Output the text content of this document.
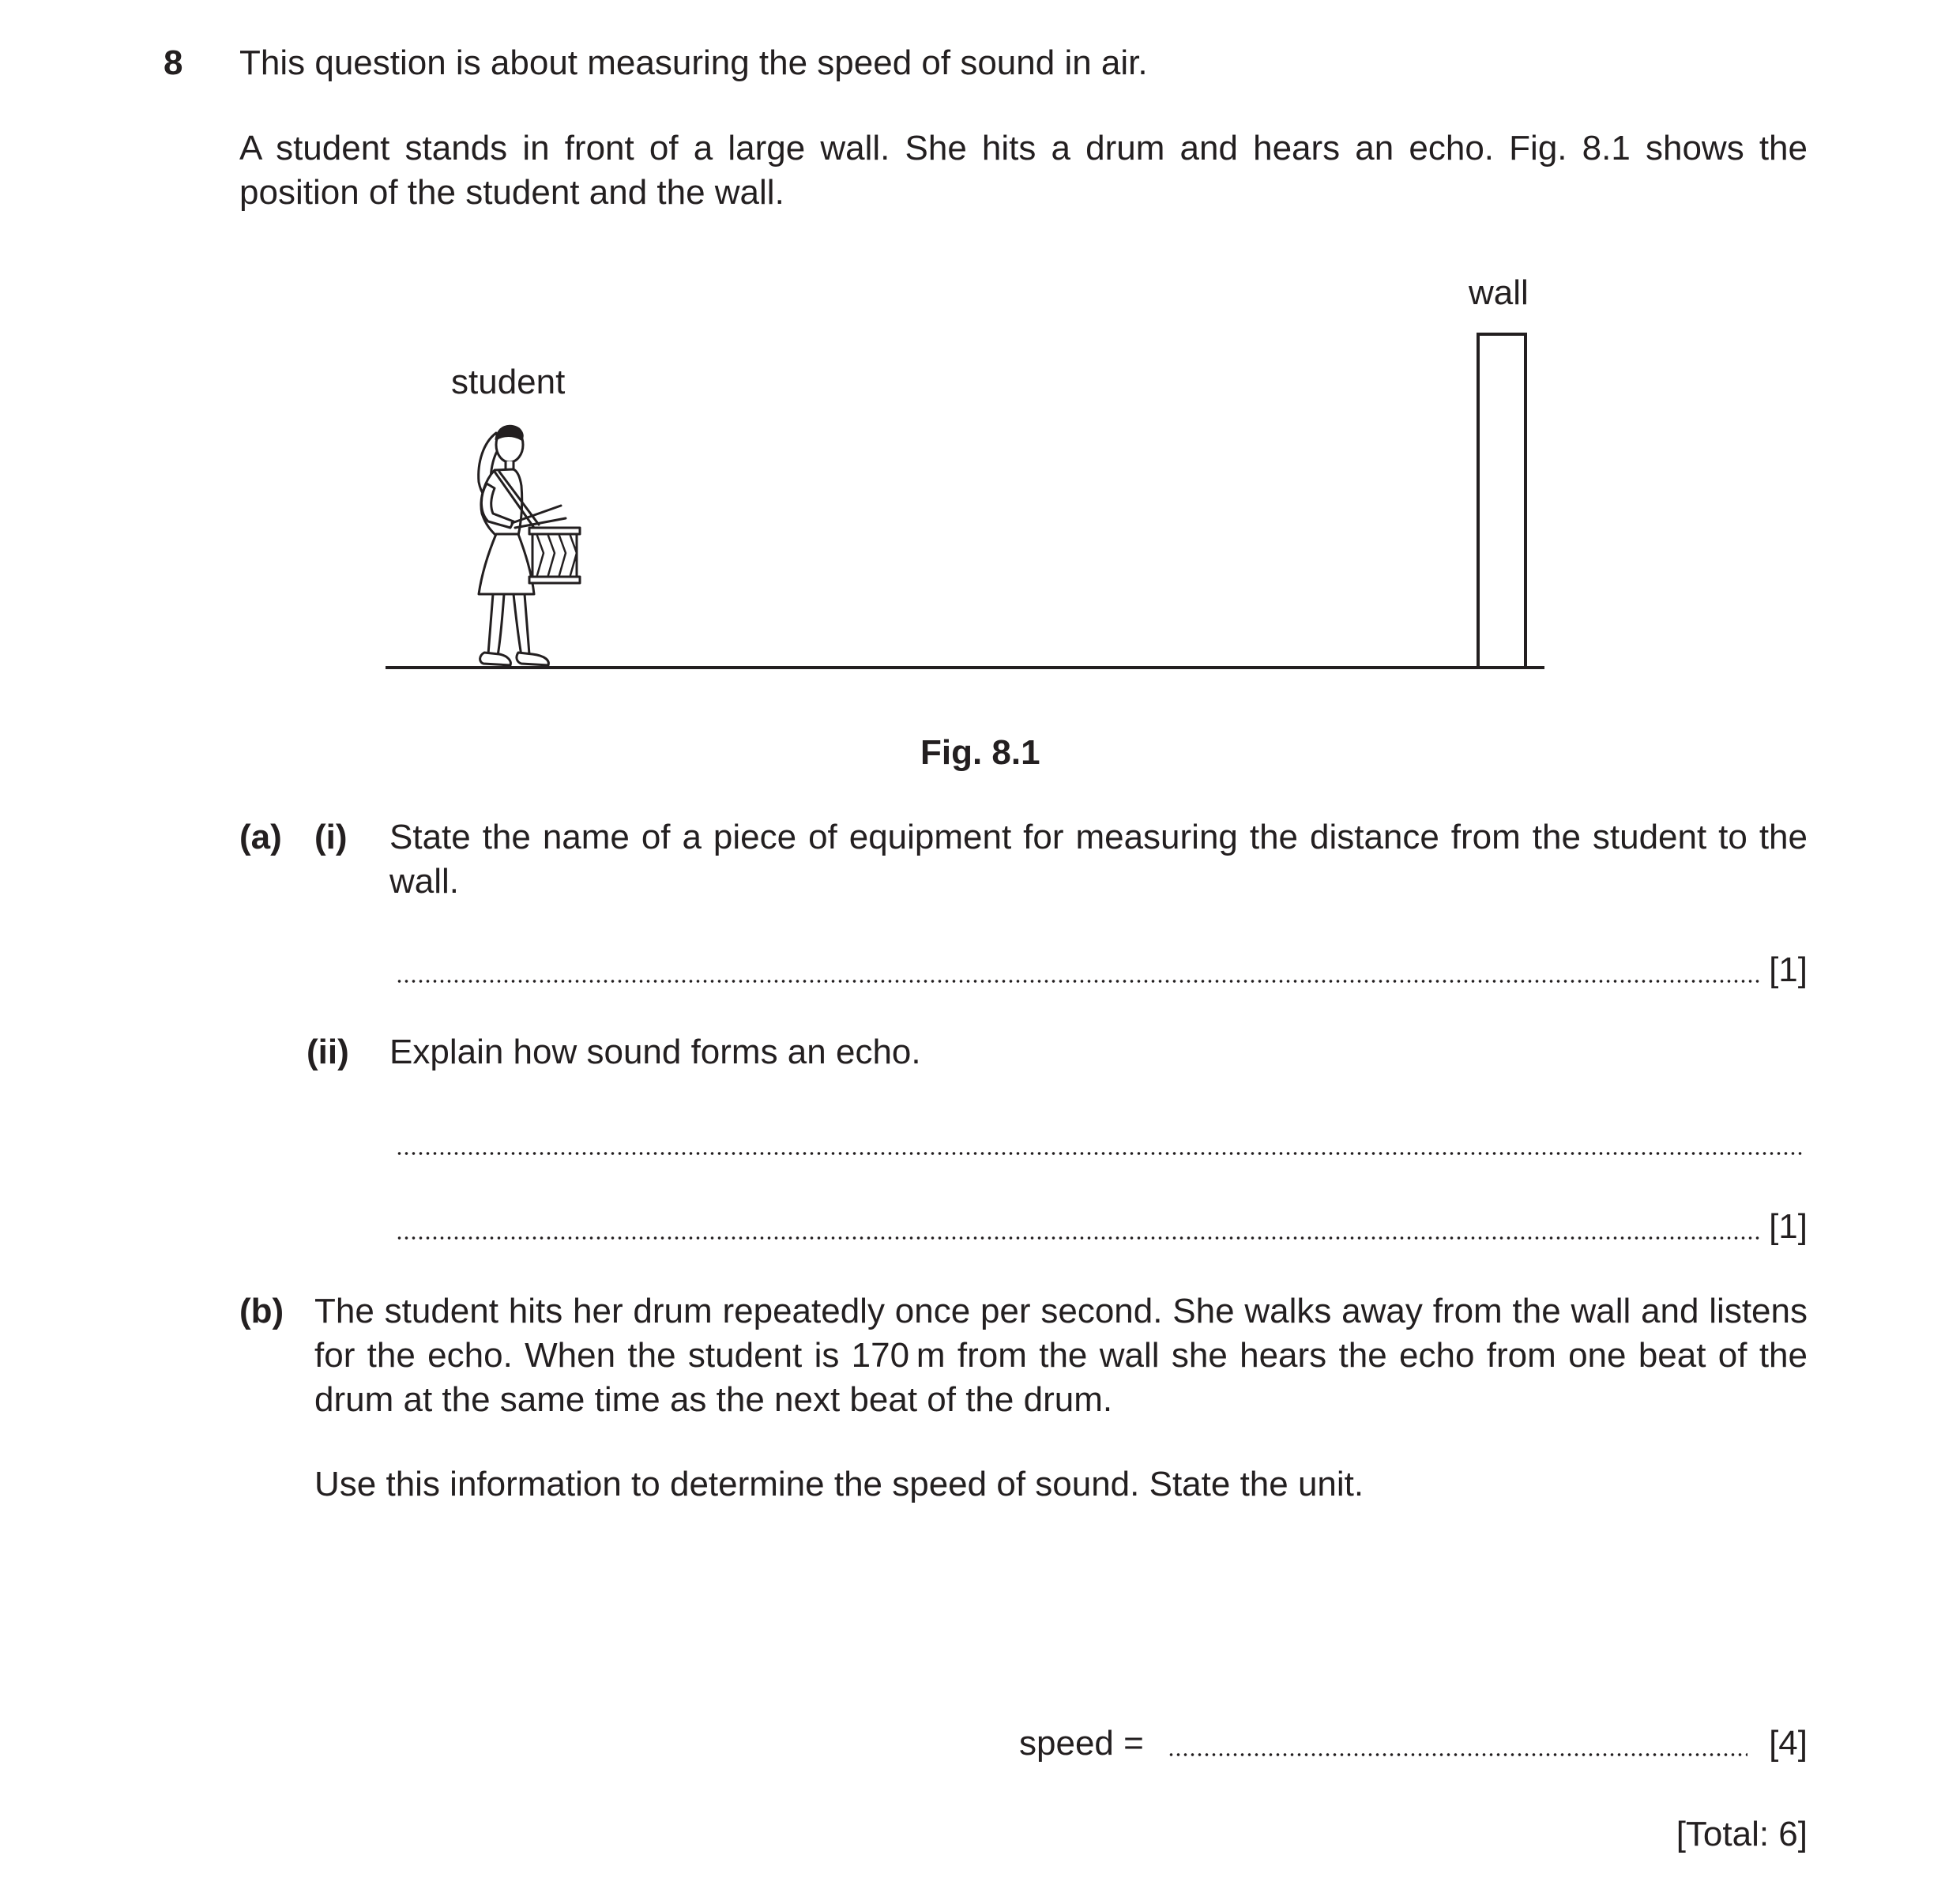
8 This question is about measuring the speed of sound in air.
A student stands in front of a large wall. She hits a drum and hears an echo. Fig. 8.1 shows the position of the student and the wall.
student
wall
Fig. 8.1
(a) (i) State the name of a piece of equipment for measuring the distance from the student to the wall.
[1]
(ii) Explain how sound forms an echo.
[1]
(b) The student hits her drum repeatedly once per second. She walks away from the wall and listens for the echo. When the student is 170 m from the wall she hears the echo from one beat of the drum at the same time as the next beat of the drum.
Use this information to determine the speed of sound. State the unit.
speed =	[4]
[Total: 6]
